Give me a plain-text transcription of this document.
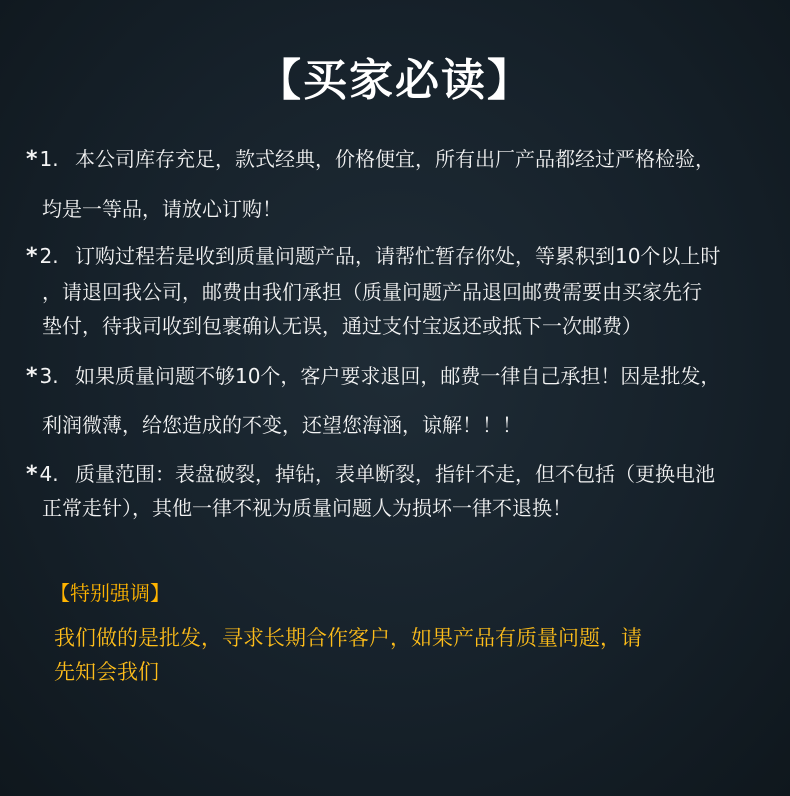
【买家必读】
* 1. 本公司库存充足，款式经典，价格便宜，所有出厂产品都经过严格检验，
均是一等品，请放心订购！
* 2. 订购过程若是收到质量问题产品，请帮忙暂存你处，等累积到10个以上时
，请退回我公司，邮费由我们承担（质量问题产品退回邮费需要由买家先行
垫付，待我司收到包裹确认无误，通过支付宝返还或抵下一次邮费）
* 3. 如果质量问题不够10个，客户要求退回，邮费一律自己承担！因是批发，
利润微薄，给您造成的不变，还望您海涵，谅解！！！
* 4. 质量范围：表盘破裂，掉钻，表单断裂，指针不走，但不包括（更换电池
正常走针），其他一律不视为质量问题人为损坏一律不退换！
【特别强调】
我们做的是批发，寻求长期合作客户，如果产品有质量问题，请
先知会我们
